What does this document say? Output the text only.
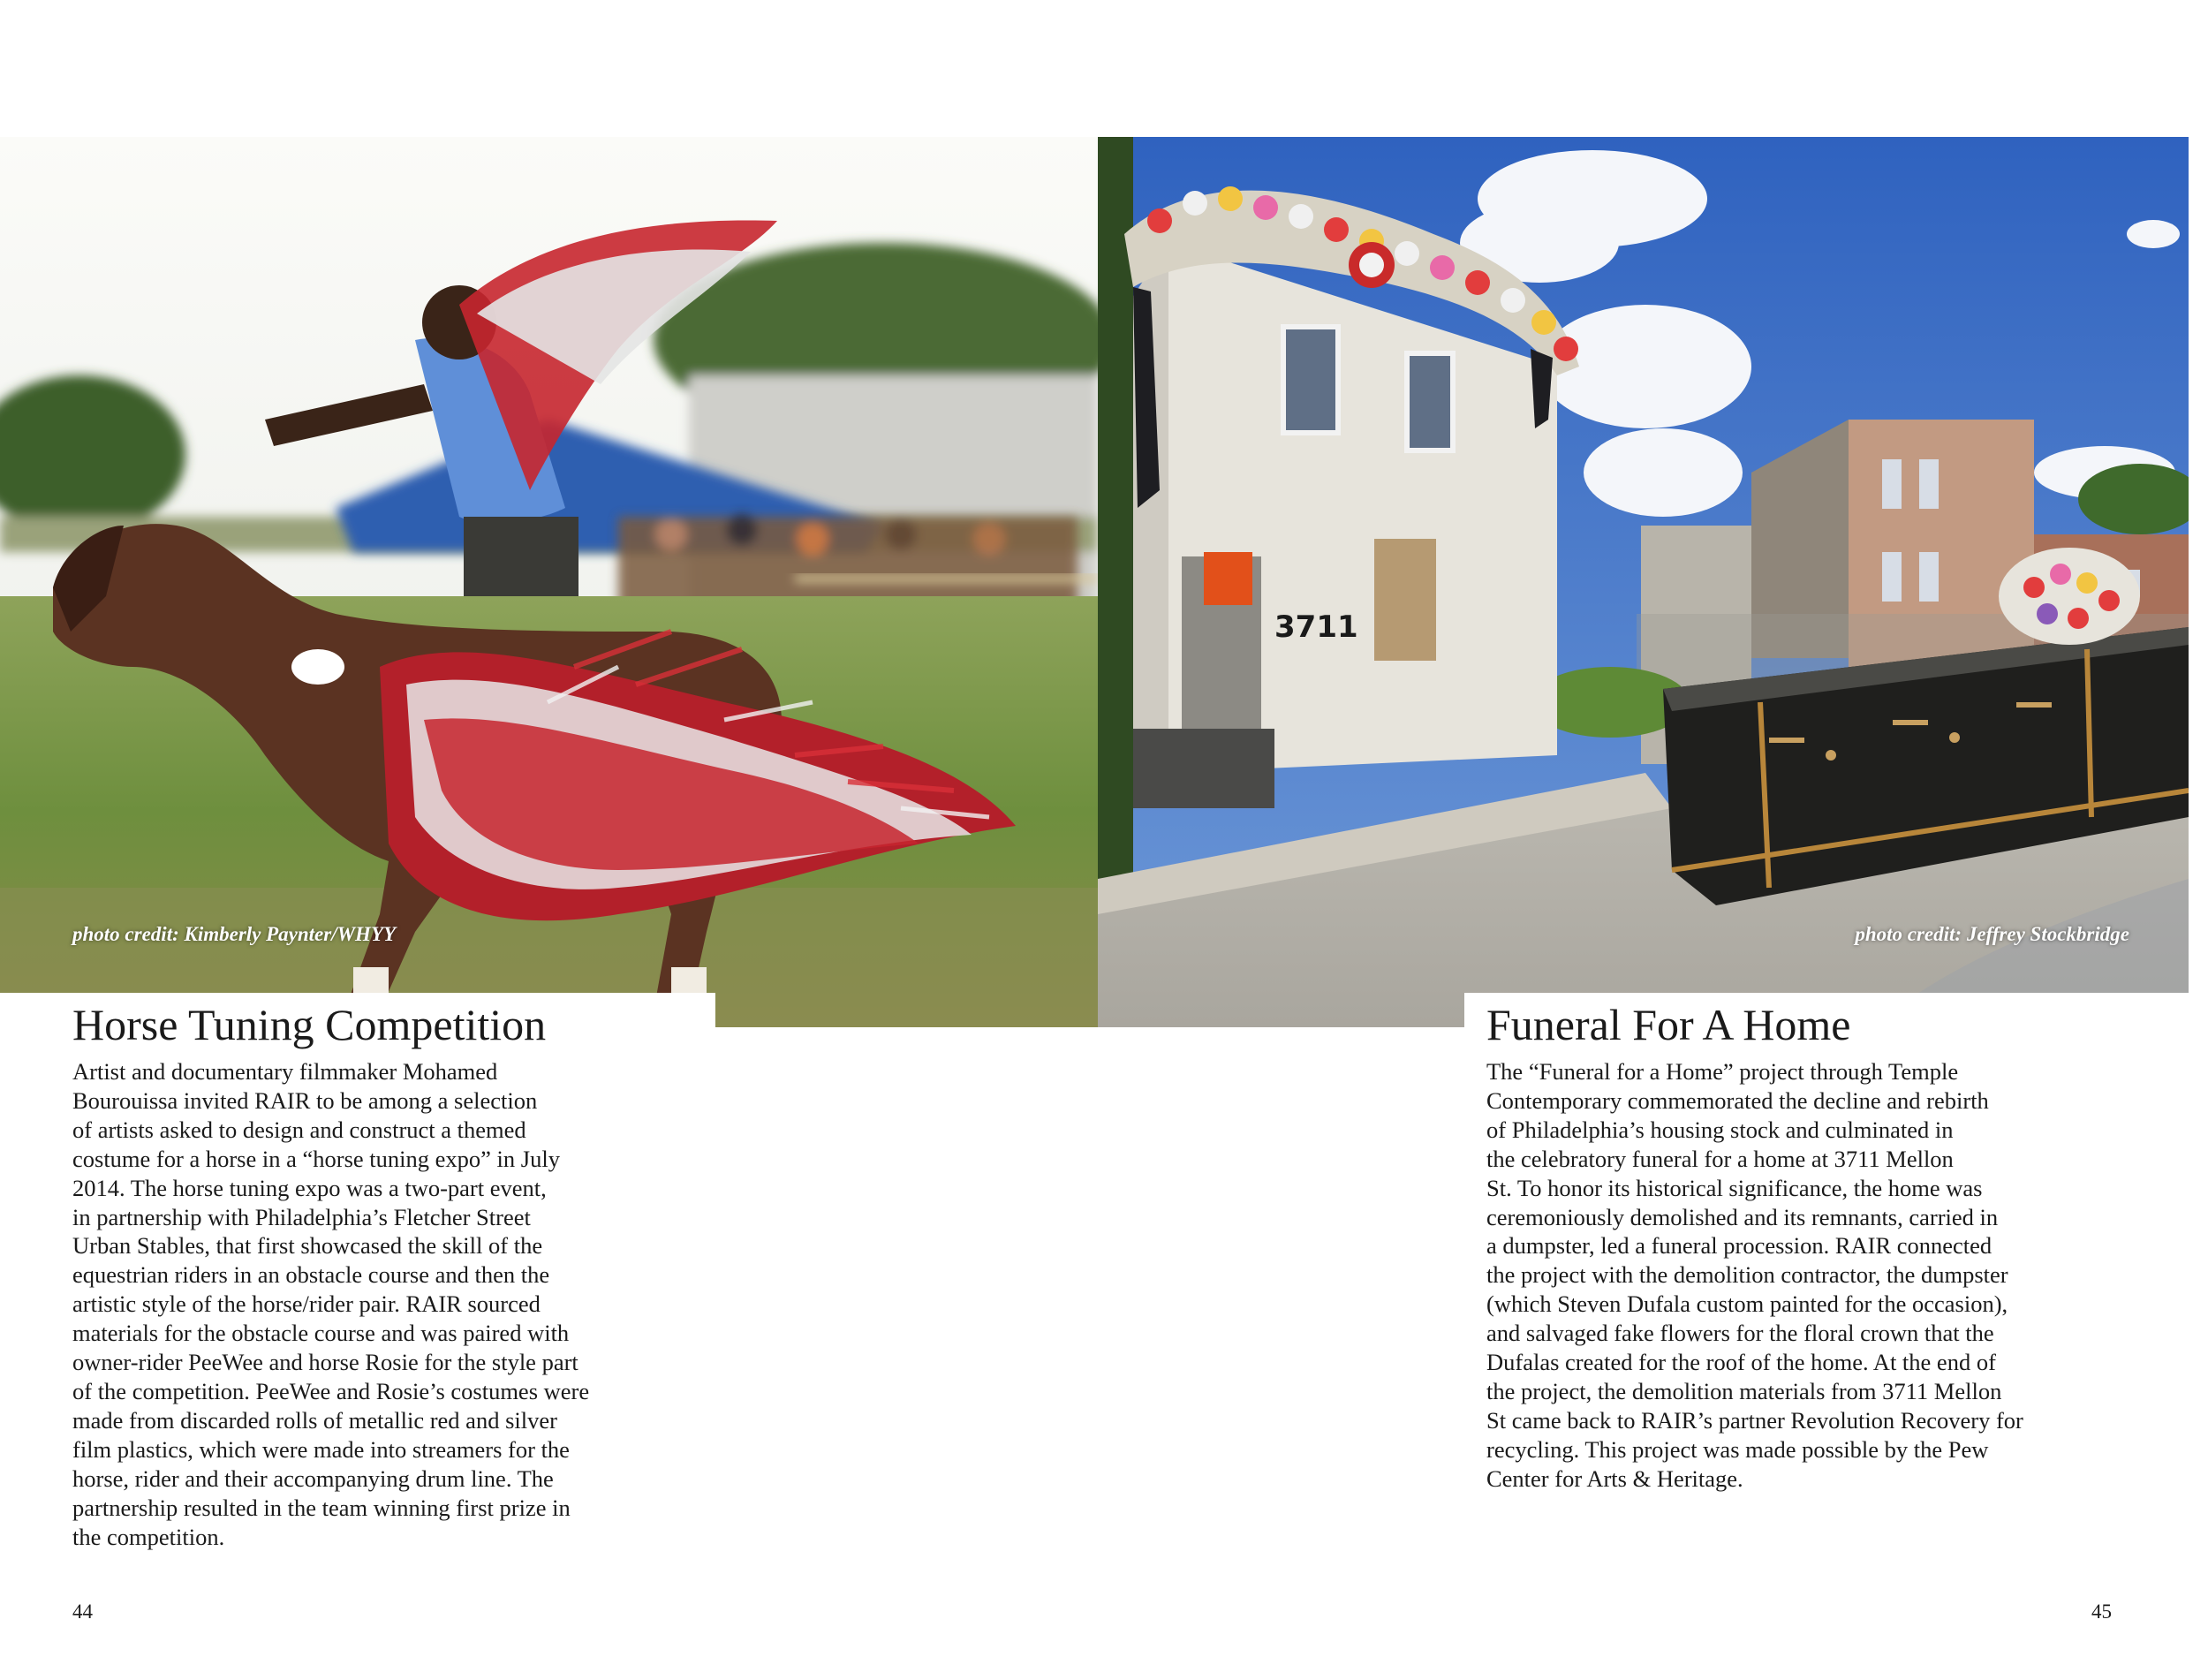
3711
photo credit: Kimberly Paynter/WHYY	photo credit: Jeffrey Stockbridge
Horse Tuning Competition
Artist and documentary filmmaker Mohamed
Bourouissa invited RAIR to be among a selection
of artists asked to design and construct a themed
costume for a horse in a “horse tuning expo” in July
2014. The horse tuning expo was a two-part event,
in partnership with Philadelphia’s Fletcher Street
Urban Stables, that first showcased the skill of the
equestrian riders in an obstacle course and then the
artistic style of the horse/rider pair. RAIR sourced
materials for the obstacle course and was paired with
owner-rider PeeWee and horse Rosie for the style part
of the competition. PeeWee and Rosie’s costumes were
made from discarded rolls of metallic red and silver
film plastics, which were made into streamers for the
horse, rider and their accompanying drum line. The
partnership resulted in the team winning first prize in
the competition.
Funeral For A Home
The “Funeral for a Home” project through Temple
Contemporary commemorated the decline and rebirth
of Philadelphia’s housing stock and culminated in
the celebratory funeral for a home at 3711 Mellon
St. To honor its historical significance, the home was
ceremoniously demolished and its remnants, carried in
a dumpster, led a funeral procession. RAIR connected
the project with the demolition contractor, the dumpster
(which Steven Dufala custom painted for the occasion),
and salvaged fake flowers for the floral crown that the
Dufalas created for the roof of the home. At the end of
the project, the demolition materials from 3711 Mellon
St came back to RAIR’s partner Revolution Recovery for
recycling. This project was made possible by the Pew
Center for Arts & Heritage.
44	45
